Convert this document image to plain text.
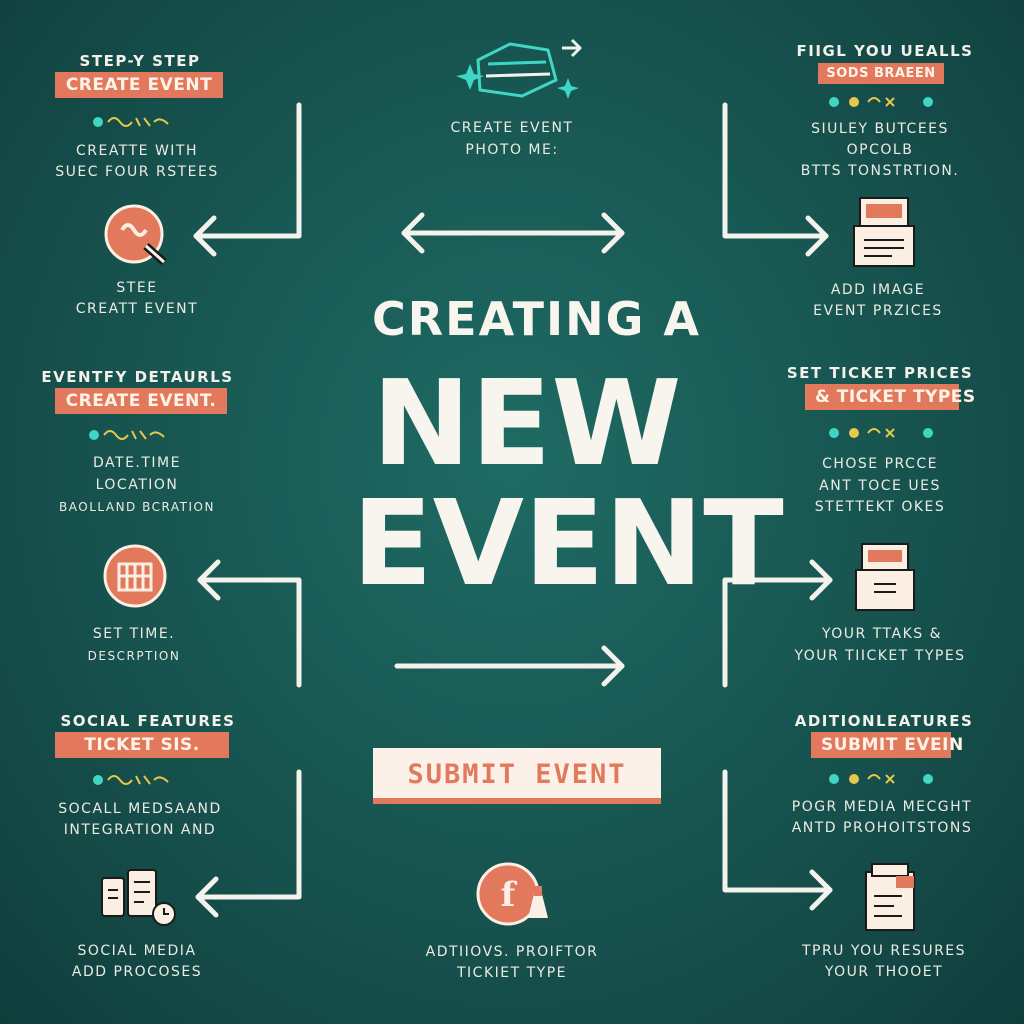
CREATING A
NEW
EVENT
CREATE EVENT
PHOTO ME:
SUBMIT EVENT
f
ADTIIOVS. PROIFTOR
TICKIET TYPE
STEP-Y STEP
CREATE EVENT
CREATTE WITH
SUEC FOUR RSTEES
STEE
CREATT EVENT
EVENTFY DETAURLS
CREATE EVENT.
DATE.TIME
LOCATION
BAOLLAND BCRATION
SET TIME.
DESCRPTION
SOCIAL FEATURES
TICKET SIS.
SOCALL MEDSAAND
INTEGRATION AND
SOCIAL MEDIA
ADD PROCOSES
FIIGL YOU UEALLS
SODS BRAEEN
SIULEY BUTCEES
OPCOLB
BTTS TONSTRTION.
ADD IMAGE
EVENT PRZICES
SET TICKET PRICES
& TICKET TYPES
CHOSE PRCCE
ANT TOCE UES
STETTEKT OKES
YOUR TTAKS &
YOUR TIICKET TYPES
ADITIONLEATURES
SUBMIT EVEIN
POGR MEDIA MECGHT
ANTD PROHOITSTONS
TPRU YOU RESURES
YOUR THOOET
